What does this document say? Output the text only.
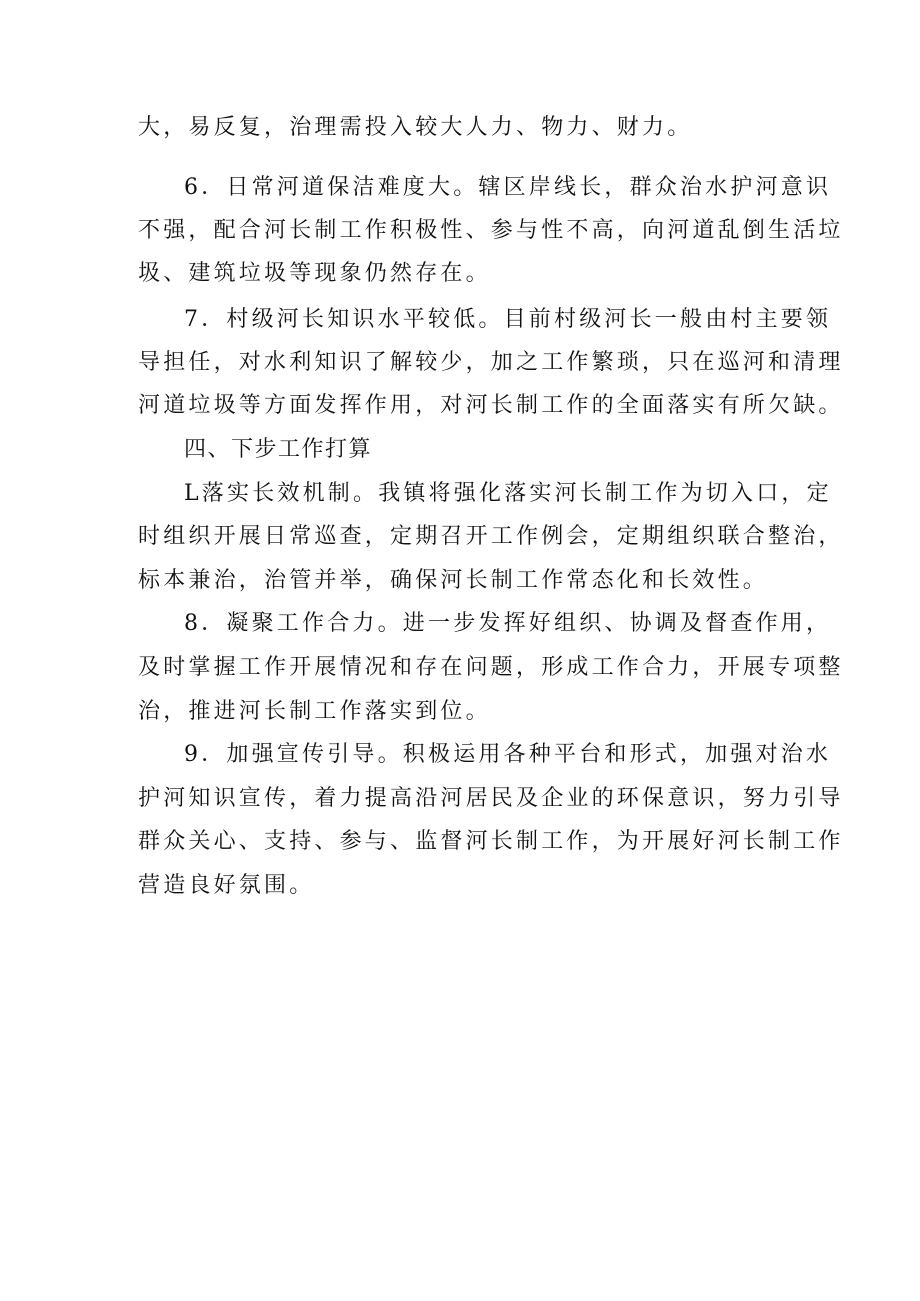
大，易反复，治理需投入较大人力、物力、财力。
6．日常河道保洁难度大。辖区岸线长，群众治水护河意识
不强，配合河长制工作积极性、参与性不高，向河道乱倒生活垃
圾、建筑垃圾等现象仍然存在。
7．村级河长知识水平较低。目前村级河长一般由村主要领
导担任，对水利知识了解较少，加之工作繁琐，只在巡河和清理
河道垃圾等方面发挥作用，对河长制工作的全面落实有所欠缺。
四、下步工作打算
L落实长效机制。我镇将强化落实河长制工作为切入口，定
时组织开展日常巡查，定期召开工作例会，定期组织联合整治，
标本兼治，治管并举，确保河长制工作常态化和长效性。
8．凝聚工作合力。进一步发挥好组织、协调及督查作用，
及时掌握工作开展情况和存在问题，形成工作合力，开展专项整
治，推进河长制工作落实到位。
9．加强宣传引导。积极运用各种平台和形式，加强对治水
护河知识宣传，着力提高沿河居民及企业的环保意识，努力引导
群众关心、支持、参与、监督河长制工作，为开展好河长制工作
营造良好氛围。
